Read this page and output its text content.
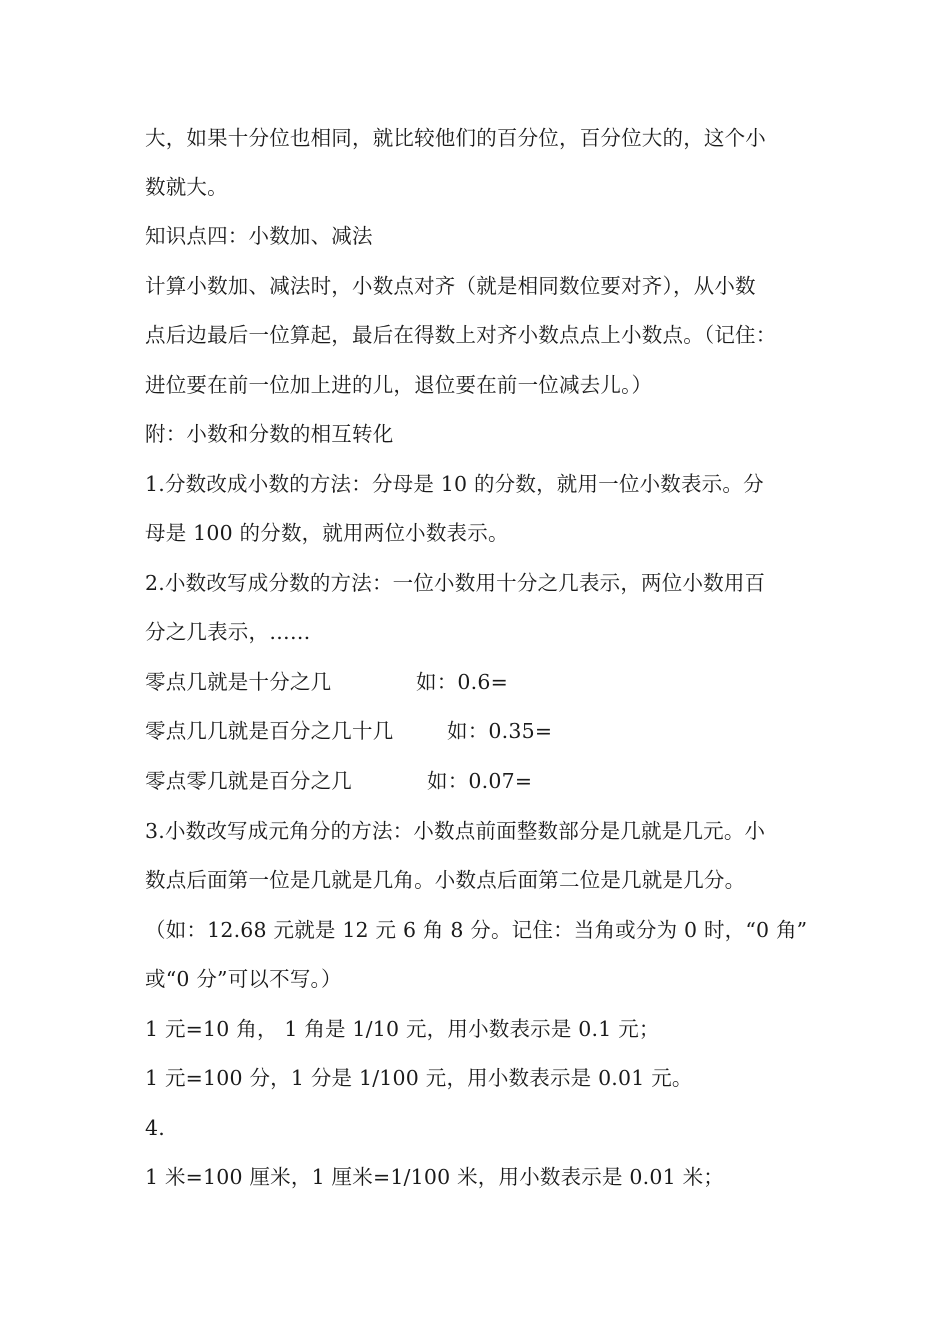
大，如果十分位也相同，就比较他们的百分位，百分位大的，这个小
数就大。
知识点四：小数加、减法
计算小数加、减法时，小数点对齐（就是相同数位要对齐），从小数
点后边最后一位算起，最后在得数上对齐小数点点上小数点。（记住：
进位要在前一位加上进的儿，退位要在前一位减去儿。）
附：小数和分数的相互转化
1.分数改成小数的方法：分母是 10 的分数，就用一位小数表示。分
母是 100 的分数，就用两位小数表示。
2.小数改写成分数的方法：一位小数用十分之几表示，两位小数用百
分之几表示，……
零点几就是十分之几	如：0.6=
零点几几就是百分之几十几	如：0.35=
零点零几就是百分之几	如：0.07=
3.小数改写成元角分的方法：小数点前面整数部分是几就是几元。小
数点后面第一位是几就是几角。小数点后面第二位是几就是几分。
（如：12.68 元就是 12 元 6 角 8 分。记住：当角或分为 0 时，“0 角”
或“0 分”可以不写。）
1 元=10 角， 1 角是 1/10 元，用小数表示是 0.1 元；
1 元=100 分，1 分是 1/100 元，用小数表示是 0.01 元。
4.
1 米=100 厘米，1 厘米=1/100 米，用小数表示是 0.01 米；
